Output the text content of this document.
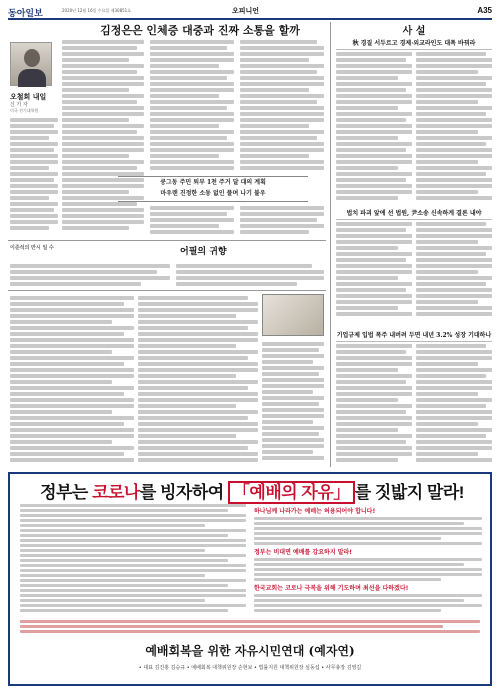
동아일보	2020년 12월 16일 수요일 제30851호	오피니언	A35
김정은은 인체증 대중과 진짜 소통을 할까
오철희 내일
신 기 자
미국 전기대학원
쿵그동 주민 퇴부 1천 주거 달 대의 계획
마우랜 진정한 소동 없인 풀며 나기 불우
이준석의 만시 일 수	어필의 귀향
사 설
秋 경질 서두르고 경제·외교라인도 대폭 바꿔라
법치 파괴 앞에 선 법원, 尹소송 신속하게 결론 내야
기업규제 입법 폭주 내버려 두면 내년 3.2% 성장 기대하나
정부는 코로나를 빙자하여 「예배의 자유」 를 짓밟지 말라!
하나님께 나라가는 예배는 허용되어야 합니다!
정부는 비대면 예배를 강요하지 말라!
한국교회는 코로나 극복을 위해 기도하며 최선을 다하겠다!
예배회복을 위한 자유시민연대 (예자연)
• 대표 김진홍 김승규 • 예배회복 대책위원장 손현보 • 법률지원 대책위원장 심동섭 • 사무총장 김영길
